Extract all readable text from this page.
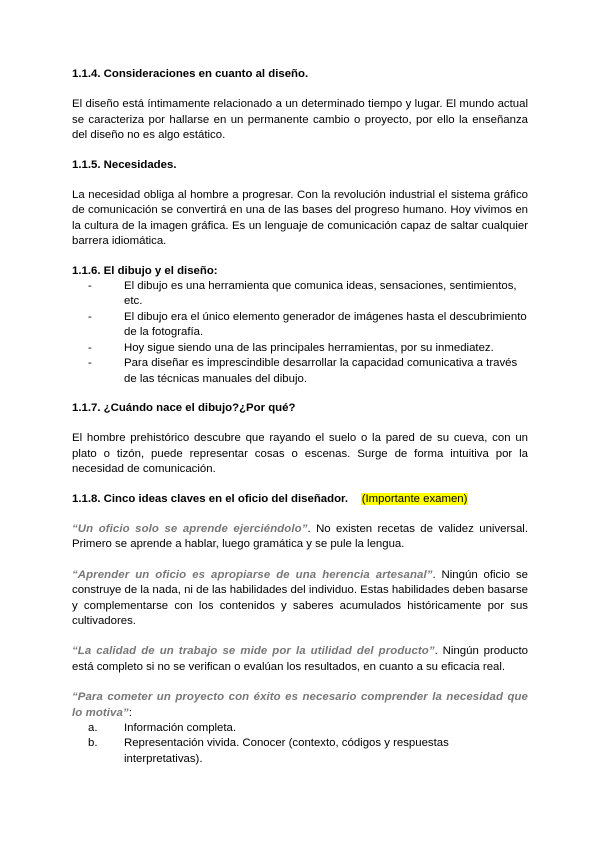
1.1.4. Consideraciones en cuanto al diseño.

El diseño está íntimamente relacionado a un determinado tiempo y lugar. El mundo actual se caracteriza por hallarse en un permanente cambio o proyecto, por ello la enseñanza del diseño no es algo estático.

1.1.5. Necesidades.

La necesidad obliga al hombre a progresar. Con la revolución industrial el sistema gráfico de comunicación se convertirá en una de las bases del progreso humano. Hoy vivimos en la cultura de la imagen gráfica. Es un lenguaje de comunicación capaz de saltar cualquier barrera idiomática.

1.1.6. El dibujo y el diseño:
- El dibujo es una herramienta que comunica ideas, sensaciones, sentimientos, etc.
- El dibujo era el único elemento generador de imágenes hasta el descubrimiento de la fotografía.
- Hoy sigue siendo una de las principales herramientas, por su inmediatez.
- Para diseñar es imprescindible desarrollar la capacidad comunicativa a través de las técnicas manuales del dibujo.
1.1.7. ¿Cuándo nace el dibujo?¿Por qué?

El hombre prehistórico descubre que rayando el suelo o la pared de su cueva, con un plato o tizón, puede representar cosas o escenas. Surge de forma intuitiva por la necesidad de comunicación.

1.1.8. Cinco ideas claves en el oficio del diseñador. (Importante examen)

“Un oficio solo se aprende ejerciéndolo”. No existen recetas de validez universal. Primero se aprende a hablar, luego gramática y se pule la lengua.

“Aprender un oficio es apropiarse de una herencia artesanal”. Ningún oficio se construye de la nada, ni de las habilidades del individuo. Estas habilidades deben basarse y complementarse con los contenidos y saberes acumulados históricamente por sus cultivadores.

“La calidad de un trabajo se mide por la utilidad del producto”. Ningún producto está completo si no se verifican o evalúan los resultados, en cuanto a su eficacia real.

“Para cometer un proyecto con éxito es necesario comprender la necesidad que lo motiva”:

a. Información completa.
b. Representación vivida. Conocer (contexto, códigos y respuestas interpretativas).
